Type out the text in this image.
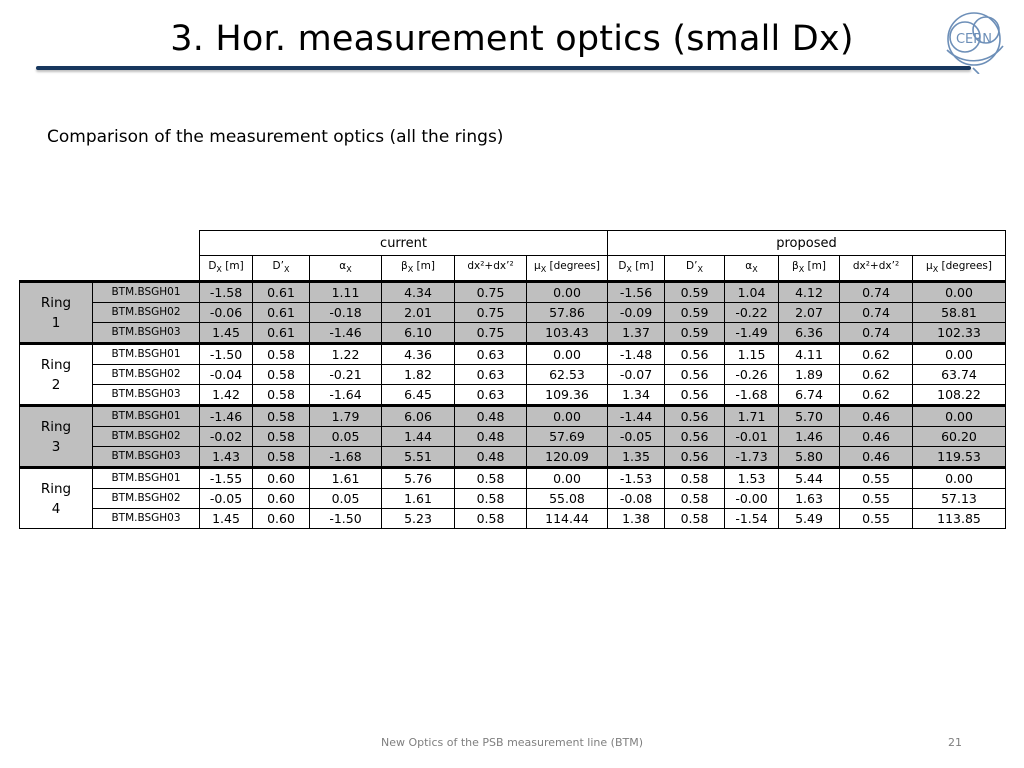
3. Hor. measurement optics (small Dx)	CERN
Comparison of the measurement optics (all the rings)
		current						proposed					
		$D_X$ [m]	$D’_X$	$\alpha_X$	$\beta_X$ [m]	dx²+dx’²	$\mu_X$ [degrees]	$D_X$ [m]	$D’_X$	$\alpha_X$	$\beta_X$ [m]	dx²+dx’²	$\mu_X$ [degrees]

Ring
1	BTM.BSGH01	-1.58	0.61	1.11	4.34	0.75	0.00	-1.56	0.59	1.04	4.12	0.74	0.00
	BTM.BSGH02	-0.06	0.61	-0.18	2.01	0.75	57.86	-0.09	0.59	-0.22	2.07	0.74	58.81
	BTM.BSGH03	1.45	0.61	-1.46	6.10	0.75	103.43	1.37	0.59	-1.49	6.36	0.74	102.33

Ring
2	BTM.BSGH01	-1.50	0.58	1.22	4.36	0.63	0.00	-1.48	0.56	1.15	4.11	0.62	0.00
	BTM.BSGH02	-0.04	0.58	-0.21	1.82	0.63	62.53	-0.07	0.56	-0.26	1.89	0.62	63.74
	BTM.BSGH03	1.42	0.58	-1.64	6.45	0.63	109.36	1.34	0.56	-1.68	6.74	0.62	108.22

Ring
3	BTM.BSGH01	-1.46	0.58	1.79	6.06	0.48	0.00	-1.44	0.56	1.71	5.70	0.46	0.00
	BTM.BSGH02	-0.02	0.58	0.05	1.44	0.48	57.69	-0.05	0.56	-0.01	1.46	0.46	60.20
	BTM.BSGH03	1.43	0.58	-1.68	5.51	0.48	120.09	1.35	0.56	-1.73	5.80	0.46	119.53

Ring
4	BTM.BSGH01	-1.55	0.60	1.61	5.76	0.58	0.00	-1.53	0.58	1.53	5.44	0.55	0.00
	BTM.BSGH02	-0.05	0.60	0.05	1.61	0.58	55.08	-0.08	0.58	-0.00	1.63	0.55	57.13
	BTM.BSGH03	1.45	0.60	-1.50	5.23	0.58	114.44	1.38	0.58	-1.54	5.49	0.55	113.85
New Optics of the PSB measurement line (BTM)	21
